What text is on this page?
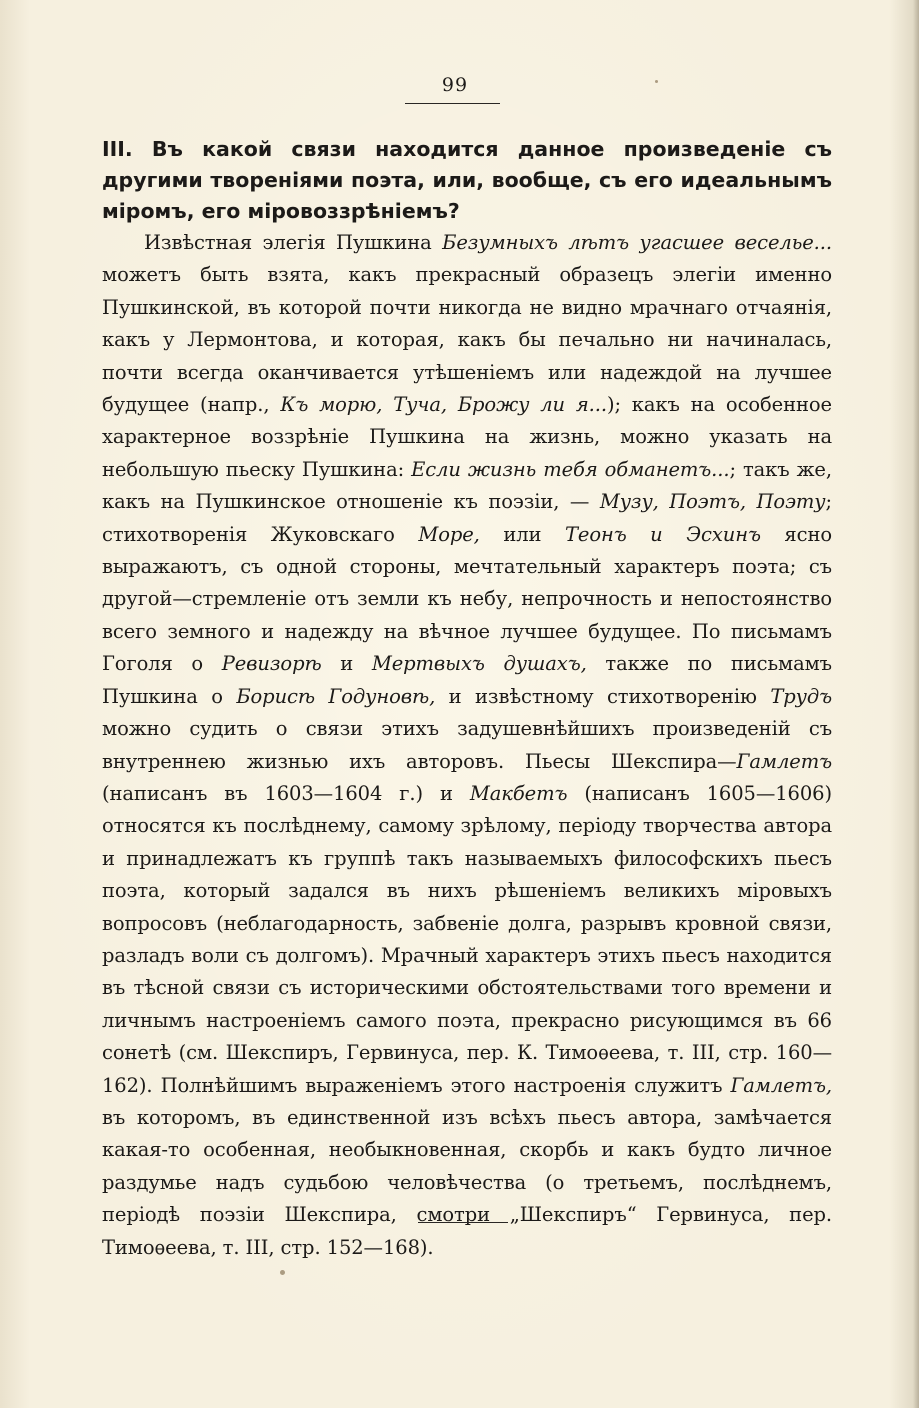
99
III. Въ какой связи находится данное произведеніе съ другими твореніями поэта, или, вообще, съ его идеальнымъ міромъ, его міровоззрѣніемъ?
Извѣстная элегія Пушкина Безумныхъ лѣтъ угасшее веселье... можетъ быть взята, какъ прекрасный образецъ элегіи именно Пушкинской, въ которой почти никогда не видно мрачнаго отчаянія, какъ у Лермонтова, и которая, какъ бы печально ни начиналась, почти всегда оканчивается утѣшеніемъ или надеждой на лучшее будущее (напр., Къ морю, Туча, Брожу ли я...); какъ на особенное характерное воззрѣніе Пушкина на жизнь, можно указать на небольшую пьеску Пушкина: Если жизнь тебя обманетъ...; такъ же, какъ на Пушкинское отношеніе къ поэзіи, — Музу, Поэтъ, Поэту; стихотворенія Жуковскаго Море, или Теонъ и Эсхинъ ясно выражаютъ, съ одной стороны, мечтательный характеръ поэта; съ другой—стремленіе отъ земли къ небу, непрочность и непостоянство всего земного и надежду на вѣчное лучшее будущее. По письмамъ Гоголя о Ревизорѣ и Мертвыхъ душахъ, также по письмамъ Пушкина о Борисѣ Годуновѣ, и извѣстному стихотворенію Трудъ можно судить о связи этихъ задушевнѣйшихъ произведеній съ внутреннею жизнью ихъ авторовъ. Пьесы Шекспира—Гамлетъ (написанъ въ 1603—1604 г.) и Макбетъ (написанъ 1605—1606) относятся къ послѣднему, самому зрѣлому, періоду творчества автора и принадлежатъ къ группѣ такъ называемыхъ философскихъ пьесъ поэта, который задался въ нихъ рѣшеніемъ великихъ міровыхъ вопросовъ (неблагодарность, забвеніе долга, разрывъ кровной связи, разладъ воли съ долгомъ). Мрачный характеръ этихъ пьесъ находится въ тѣсной связи съ историческими обстоятельствами того времени и личнымъ настроеніемъ самого поэта, прекрасно рисующимся въ 66 сонетѣ (см. Шекспиръ, Гервинуса, пер. К. Тимоѳеева, т. III, стр. 160—162). Полнѣйшимъ выраженіемъ этого настроенія служитъ Гамлетъ, въ которомъ, въ единственной изъ всѣхъ пьесъ автора, замѣчается какая-то особенная, необыкновенная, скорбь и какъ будто личное раздумье надъ судьбою человѣчества (о третьемъ, послѣднемъ, періодѣ поэзіи Шекспира, смотри „Шекспиръ“ Гервинуса, пер. Тимоѳеева, т. III, стр. 152—168).
